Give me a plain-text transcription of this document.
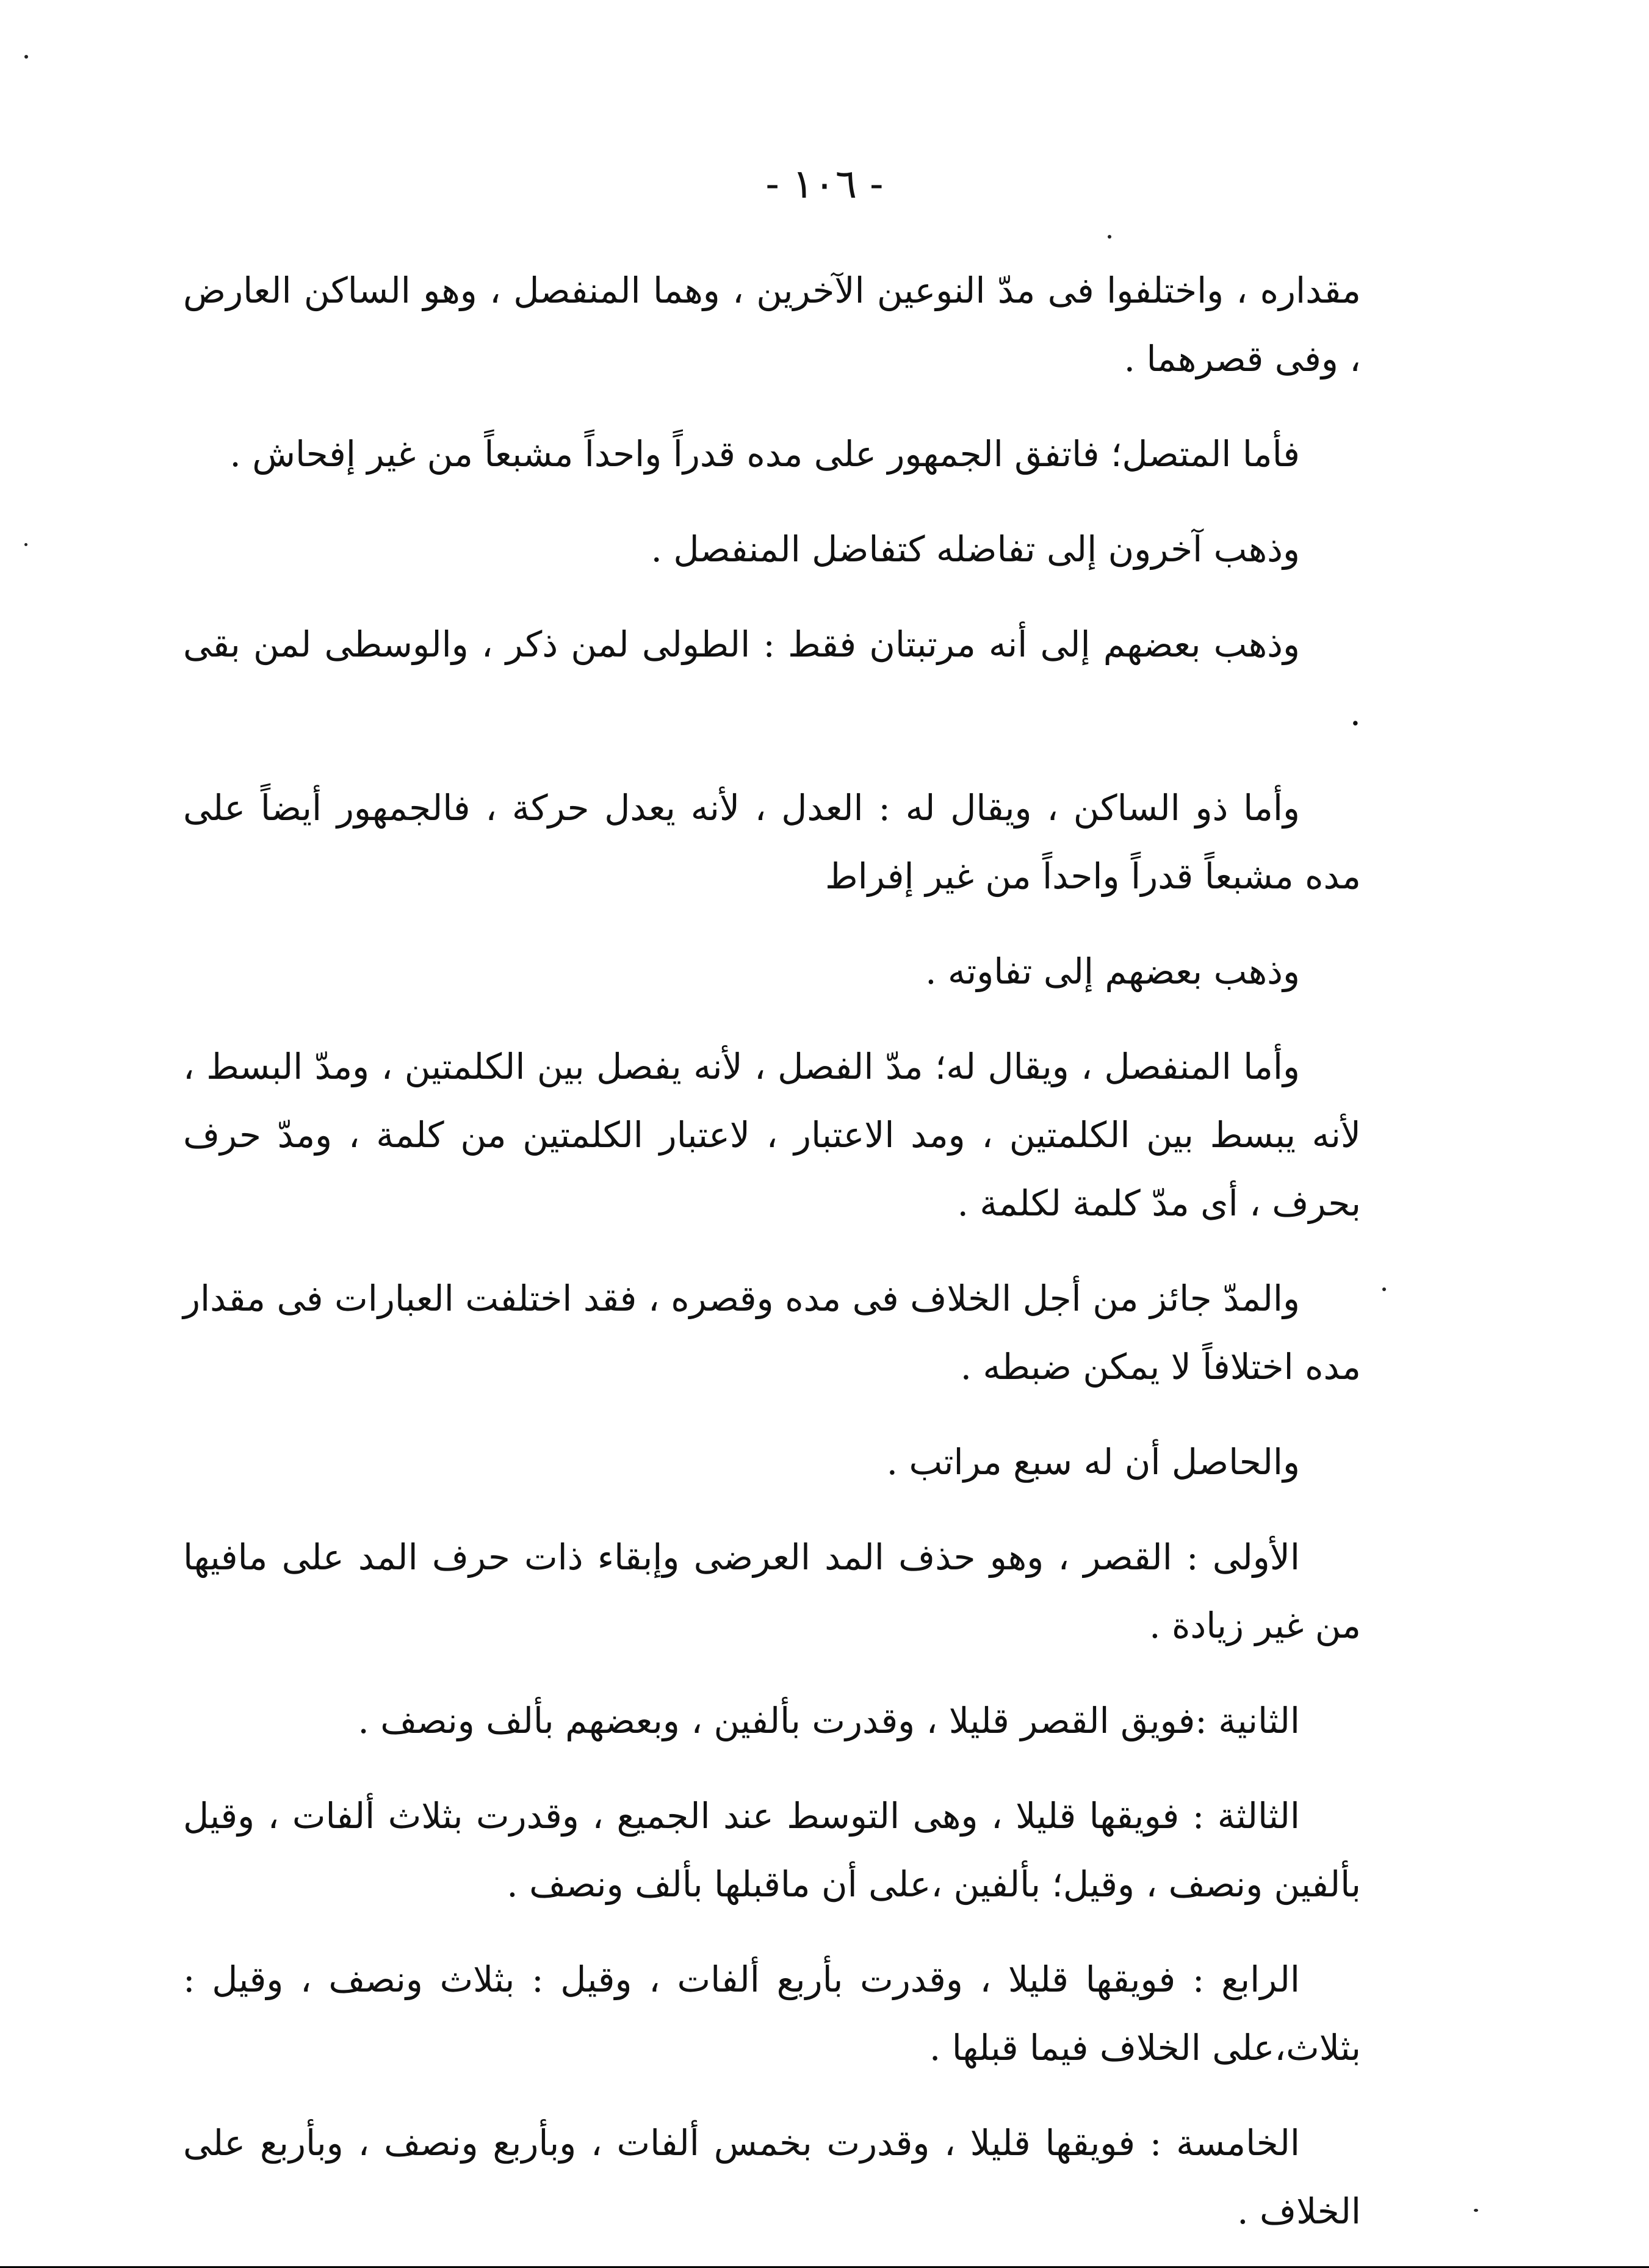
- ١٠٦ -

مقداره ، واختلفوا فى مدّ النوعين الآخرين ، وهما المنفصل ، وهو الساكن العارض ، وفى قصرهما .

فأما المتصل؛ فاتفق الجمهور على مده قدراً واحداً مشبعاً من غير إفحاش .

وذهب آخرون إلى تفاضله كتفاضل المنفصل .

وذهب بعضهم إلى أنه مرتبتان فقط : الطولى لمن ذكر ، والوسطى لمن بقى .

وأما ذو الساكن ، ويقال له : العدل ، لأنه يعدل حركة ، فالجمهور أيضاً على مده مشبعاً قدراً واحداً من غير إفراط

وذهب بعضهم إلى تفاوته .

وأما المنفصل ، ويقال له؛ مدّ الفصل ، لأنه يفصل بين الكلمتين ، ومدّ البسط ، لأنه يبسط بين الكلمتين ، ومد الاعتبار ، لاعتبار الكلمتين من كلمة ، ومدّ حرف بحرف ، أى مدّ كلمة لكلمة .

والمدّ جائز من أجل الخلاف فى مده وقصره ، فقد اختلفت العبارات فى مقدار مده اختلافاً لا يمكن ضبطه .

والحاصل أن له سبع مراتب .

الأولى : القصر ، وهو حذف المد العرضى وإبقاء ذات حرف المد على مافيها من غير زيادة .

الثانية :فويق القصر قليلا ، وقدرت بألفين ، وبعضهم بألف ونصف .

الثالثة : فويقها قليلا ، وهى التوسط عند الجميع ، وقدرت بثلاث ألفات ، وقيل بألفين ونصف ، وقيل؛ بألفين ،على أن ماقبلها بألف ونصف .

الرابع : فويقها قليلا ، وقدرت بأربع ألفات ، وقيل : بثلاث ونصف ، وقيل : بثلاث،على الخلاف فيما قبلها .

الخامسة : فويقها قليلا ، وقدرت بخمس ألفات ، وبأربع ونصف ، وبأربع على الخلاف .
